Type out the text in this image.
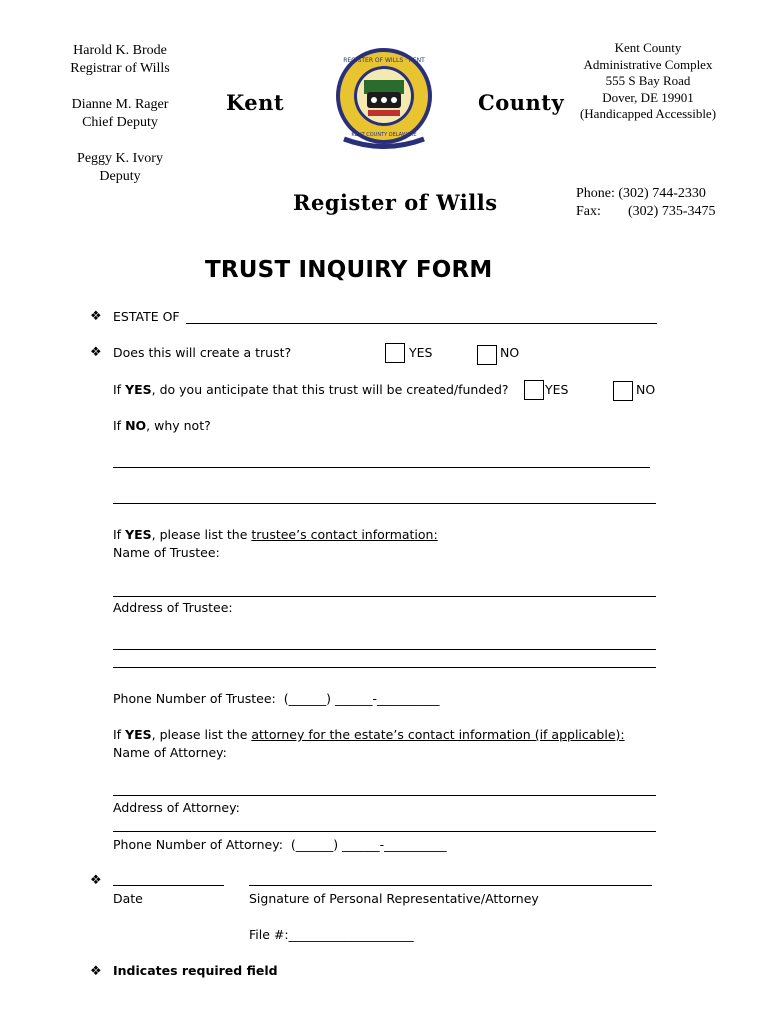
Harold K. Brode
Registrar of Wills
Dianne M. Rager
Chief Deputy
Peggy K. Ivory
Deputy
Kent	County
Register of Wills
REGISTER OF WILLS · KENT
KENT COUNTY DELAWARE
Kent County
Administrative Complex
555 S Bay Road
Dover, DE 19901
(Handicapped Accessible)
Phone: (302) 744-2330
Fax: (302) 735-3475
TRUST INQUIRY FORM
❖ ESTATE OF
❖ Does this will create a trust?	YES	NO
If YES, do you anticipate that this trust will be created/funded?	YES	NO
If NO, why not?
If YES, please list the trustee’s contact information:
Name of Trustee:
Address of Trustee:
Phone Number of Trustee: (______) ______-__________
If YES, please list the attorney for the estate’s contact information (if applicable):
Name of Attorney:
Address of Attorney:
Phone Number of Attorney: (______) ______-__________
❖
Date	Signature of Personal Representative/Attorney
File #:____________________
❖ Indicates required field
